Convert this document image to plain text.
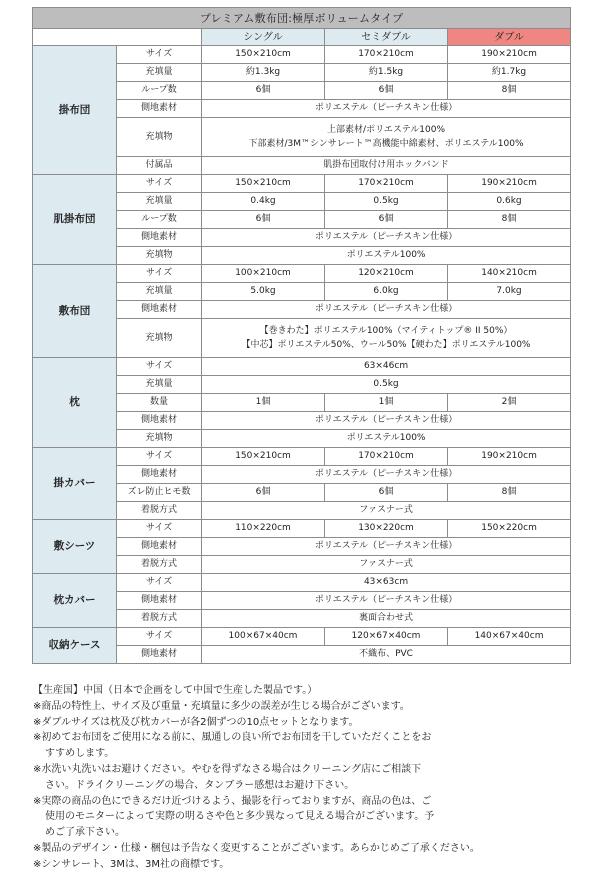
プレミアム敷布団:極厚ボリュームタイプ				
		シングル	セミダブル	ダブル
掛布団	サイズ	150×210cm	170×210cm	190×210cm
	充填量	約1.3kg	約1.5kg	約1.7kg
	ループ数	6個	6個	8個
	側地素材	ポリエステル（ピーチスキン仕様）		
	充填物	上部素材/ポリエステル100%
下部素材/3M™シンサレート™高機能中綿素材、ポリエステル100%		

	付属品	肌掛布団取付け用ホックバンド		
肌掛布団	サイズ	150×210cm	170×210cm	190×210cm
	充填量	0.4kg	0.5kg	0.6kg
	ループ数	6個	6個	8個
	側地素材	ポリエステル（ピーチスキン仕様）		
	充填物	ポリエステル100%		
敷布団	サイズ	100×210cm	120×210cm	140×210cm
	充填量	5.0kg	6.0kg	7.0kg
	側地素材	ポリエステル（ピーチスキン仕様）		
	充填物	【巻きわた】ポリエステル100%（マイティトップ® II 50%）
【中芯】ポリエステル50%、ウール50%【硬わた】ポリエステル100%		

枕	サイズ	63×46cm		
	充填量	0.5kg		
	数量	1個	1個	2個
	側地素材	ポリエステル（ピーチスキン仕様）		
	充填物	ポリエステル100%		
掛カバー	サイズ	150×210cm	170×210cm	190×210cm
	側地素材	ポリエステル（ピーチスキン仕様）		
	ズレ防止ヒモ数	6個	6個	8個
	着脱方式	ファスナー式		
敷シーツ	サイズ	110×220cm	130×220cm	150×220cm
	側地素材	ポリエステル（ピーチスキン仕様）		
	着脱方式	ファスナー式		
枕カバー	サイズ	43×63cm		
	側地素材	ポリエステル（ピーチスキン仕様）		
	着脱方式	裏面合わせ式		
収納ケース	サイズ	100×67×40cm	120×67×40cm	140×67×40cm
	側地素材	不織布、PVC		
【生産国】中国（日本で企画をして中国で生産した製品です。）
※商品の特性上、サイズ及び重量・充填量に多少の誤差が生じる場合がございます。
※ダブルサイズは枕及び枕カバーが各2個ずつの10点セットとなります。
※初めてお布団をご使用になる前に、風通しの良い所でお布団を干していただくことをお
すすめします。
※水洗い丸洗いはお避けください。やむを得ずなさる場合はクリーニング店にご相談下
さい。ドライクリーニングの場合、タンブラー感想はお避け下さい。
※実際の商品の色にできるだけ近づけるよう、撮影を行っておりますが、商品の色は、ご
使用のモニターによって実際の明るさや色と多少異なって見える場合がございます。予
めご了承下さい。
※製品のデザイン・仕様・梱包は予告なく変更することがございます。あらかじめご了承ください。
※シンサレート、3Mは、3M社の商標です。
